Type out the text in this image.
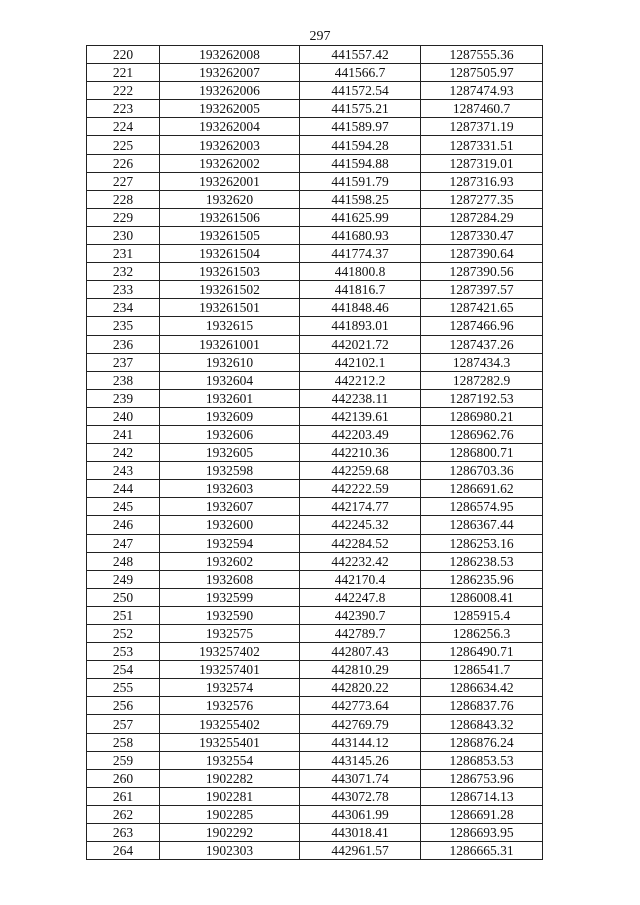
297
220	193262008	441557.42	1287555.36
221	193262007	441566.7	1287505.97
222	193262006	441572.54	1287474.93
223	193262005	441575.21	1287460.7
224	193262004	441589.97	1287371.19
225	193262003	441594.28	1287331.51
226	193262002	441594.88	1287319.01
227	193262001	441591.79	1287316.93
228	1932620	441598.25	1287277.35
229	193261506	441625.99	1287284.29
230	193261505	441680.93	1287330.47
231	193261504	441774.37	1287390.64
232	193261503	441800.8	1287390.56
233	193261502	441816.7	1287397.57
234	193261501	441848.46	1287421.65
235	1932615	441893.01	1287466.96
236	193261001	442021.72	1287437.26
237	1932610	442102.1	1287434.3
238	1932604	442212.2	1287282.9
239	1932601	442238.11	1287192.53
240	1932609	442139.61	1286980.21
241	1932606	442203.49	1286962.76
242	1932605	442210.36	1286800.71
243	1932598	442259.68	1286703.36
244	1932603	442222.59	1286691.62
245	1932607	442174.77	1286574.95
246	1932600	442245.32	1286367.44
247	1932594	442284.52	1286253.16
248	1932602	442232.42	1286238.53
249	1932608	442170.4	1286235.96
250	1932599	442247.8	1286008.41
251	1932590	442390.7	1285915.4
252	1932575	442789.7	1286256.3
253	193257402	442807.43	1286490.71
254	193257401	442810.29	1286541.7
255	1932574	442820.22	1286634.42
256	1932576	442773.64	1286837.76
257	193255402	442769.79	1286843.32
258	193255401	443144.12	1286876.24
259	1932554	443145.26	1286853.53
260	1902282	443071.74	1286753.96
261	1902281	443072.78	1286714.13
262	1902285	443061.99	1286691.28
263	1902292	443018.41	1286693.95
264	1902303	442961.57	1286665.31
